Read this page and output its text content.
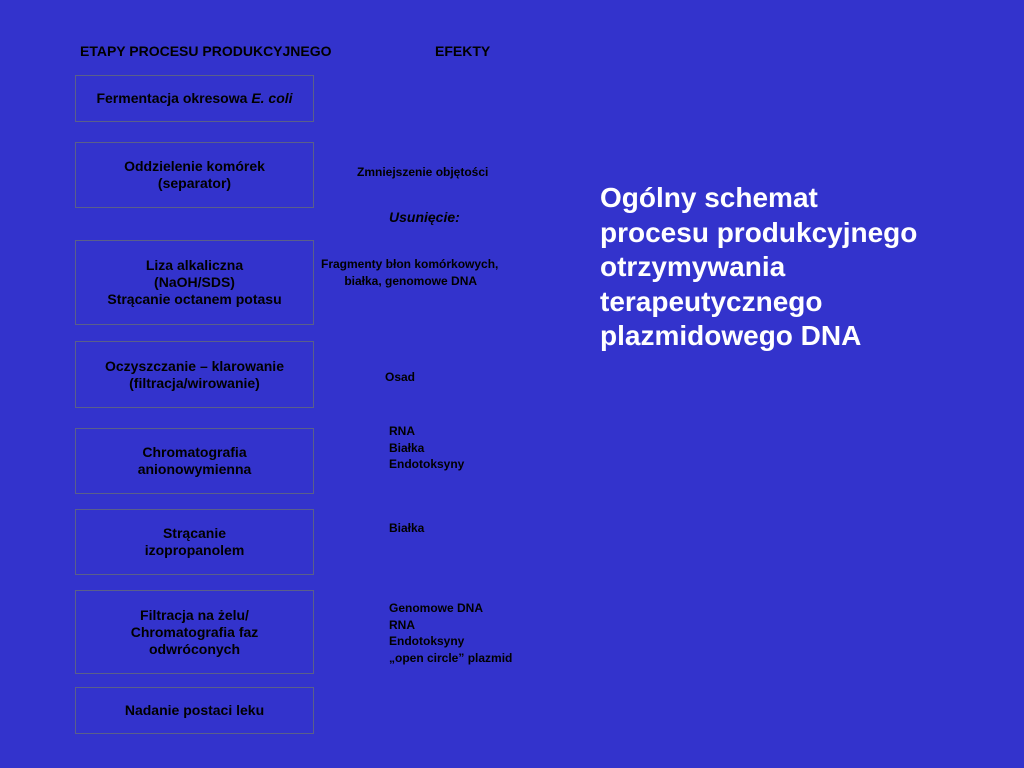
ETAPY PROCESU PRODUKCYJNEGO	EFEKTY
Fermentacja okresowa E. coli
Oddzielenie komórek
(separator)
Liza alkaliczna
(NaOH/SDS)
Strącanie octanem potasu
Oczyszczanie – klarowanie
(filtracja/wirowanie)
Chromatografia
anionowymienna
Strącanie
izopropanolem
Filtracja na żelu/
Chromatografia faz
odwróconych
Nadanie postaci leku
Zmniejszenie objętości
Usunięcie:
Fragmenty błon komórkowych,
białka, genomowe DNA
Osad
RNA
Białka
Endotoksyny
Białka
Genomowe DNA
RNA
Endotoksyny
„open circle” plazmid
Ogólny schemat
procesu produkcyjnego
otrzymywania
terapeutycznego
plazmidowego DNA
